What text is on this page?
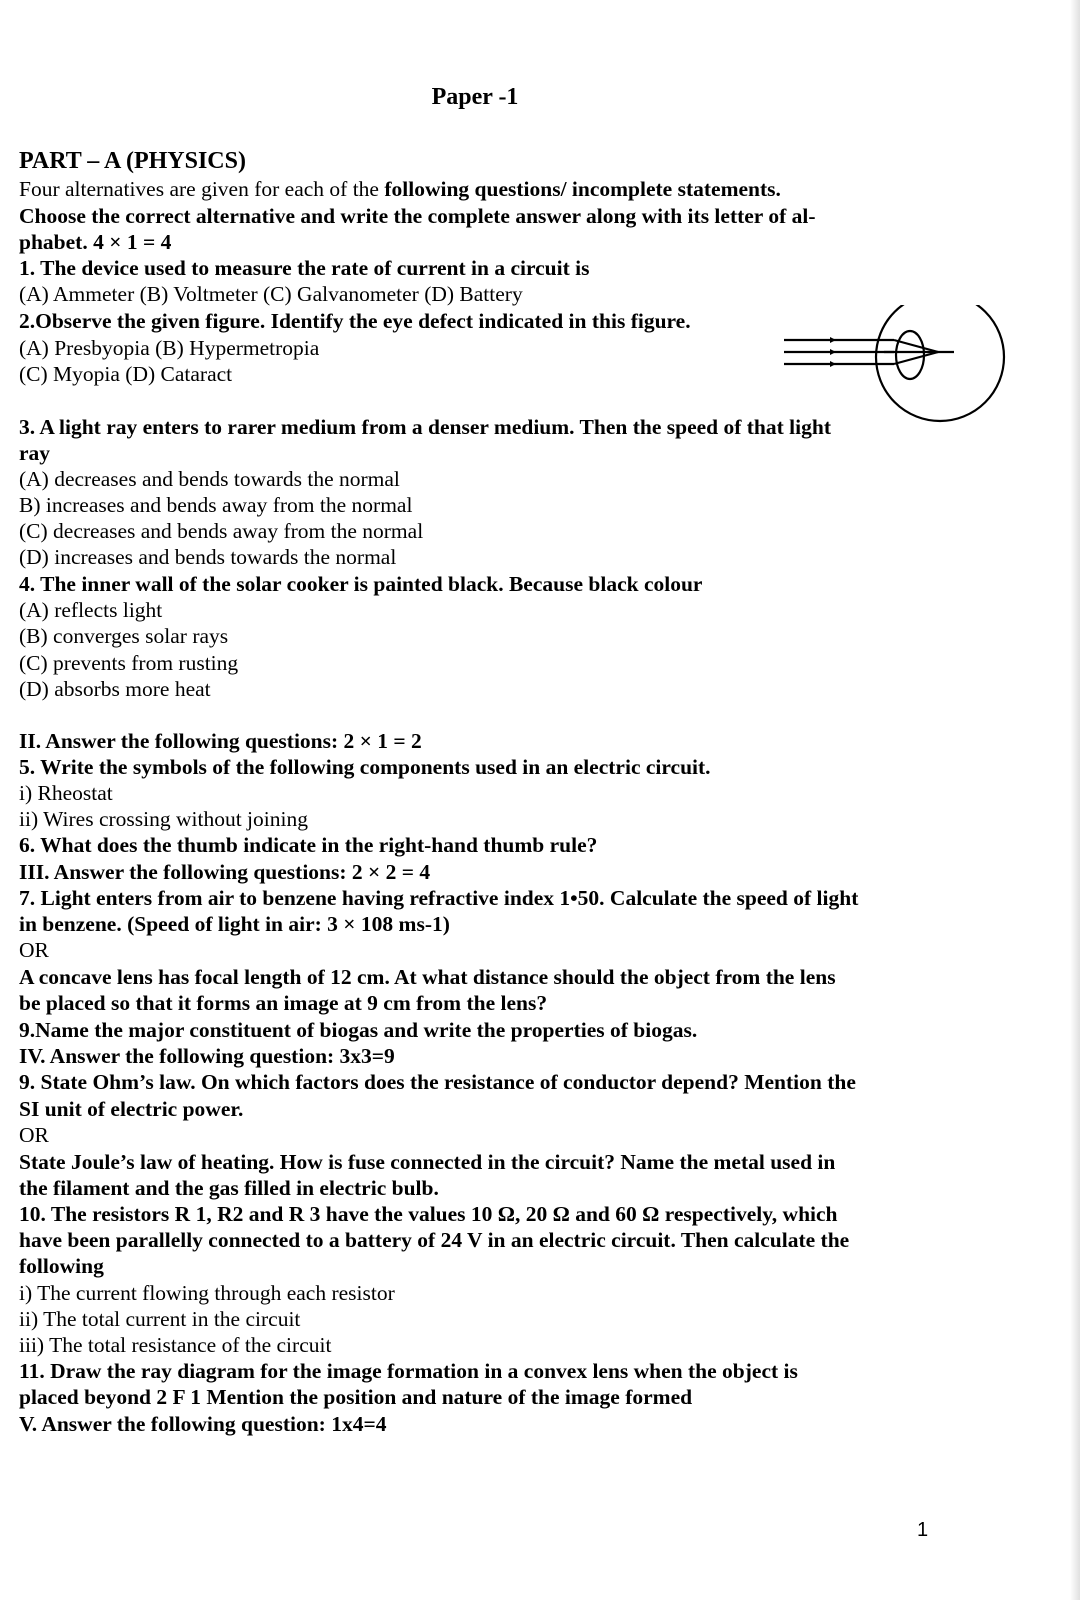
Paper -1
PART – A (PHYSICS)
Four alternatives are given for each of the following questions/ incomplete statements.
Choose the correct alternative and write the complete answer along with its letter of al-
phabet. 4 × 1 = 4
1. The device used to measure the rate of current in a circuit is
(A) Ammeter (B) Voltmeter (C) Galvanometer (D) Battery
2.Observe the given figure. Identify the eye defect indicated in this figure.
(A) Presbyopia (B) Hypermetropia
(C) Myopia (D) Cataract
3. A light ray enters to rarer medium from a denser medium. Then the speed of that light
ray
(A) decreases and bends towards the normal
B) increases and bends away from the normal
(C) decreases and bends away from the normal
(D) increases and bends towards the normal
4. The inner wall of the solar cooker is painted black. Because black colour
(A) reflects light
(B) converges solar rays
(C) prevents from rusting
(D) absorbs more heat
II. Answer the following questions: 2 × 1 = 2
5. Write the symbols of the following components used in an electric circuit.
i) Rheostat
ii) Wires crossing without joining
6. What does the thumb indicate in the right-hand thumb rule?
III. Answer the following questions: 2 × 2 = 4
7. Light enters from air to benzene having refractive index 1•50. Calculate the speed of light
in benzene. (Speed of light in air: 3 × 108 ms-1)
OR
A concave lens has focal length of 12 cm. At what distance should the object from the lens
be placed so that it forms an image at 9 cm from the lens?
9.Name the major constituent of biogas and write the properties of biogas.
IV. Answer the following question: 3x3=9
9. State Ohm’s law. On which factors does the resistance of conductor depend? Mention the
SI unit of electric power.
OR
State Joule’s law of heating. How is fuse connected in the circuit? Name the metal used in
the filament and the gas filled in electric bulb.
10. The resistors R 1, R2 and R 3 have the values 10 Ω, 20 Ω and 60 Ω respectively, which
have been parallelly connected to a battery of 24 V in an electric circuit. Then calculate the
following
i) The current flowing through each resistor
ii) The total current in the circuit
iii) The total resistance of the circuit
11. Draw the ray diagram for the image formation in a convex lens when the object is
placed beyond 2 F 1 Mention the position and nature of the image formed
V. Answer the following question: 1x4=4
1
